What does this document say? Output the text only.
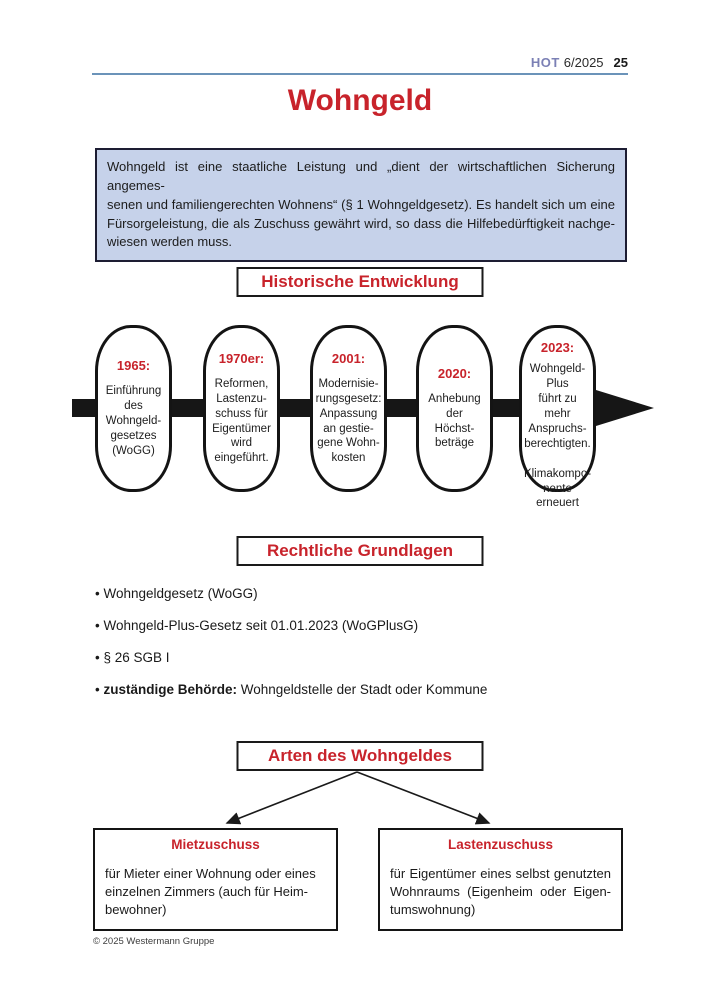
HOT 6/2025 25
Wohngeld
Wohngeld ist eine staatliche Leistung und „dient der wirtschaftlichen Sicherung angemes-
senen und familiengerechten Wohnens“ (§ 1 Wohngeldgesetz). Es handelt sich um eine
Fürsorgeleistung, die als Zuschuss gewährt wird, so dass die Hilfebedürftigkeit nachge-
wiesen werden muss.
Historische Entwicklung
1965:
Einführung
des
Wohngeld-
gesetzes
(WoGG)
1970er:
Reformen,
Lastenzu-
schuss für
Eigentümer
wird
eingeführt.
2001:
Modernisie-
rungsgesetz:
Anpassung
an gestie-
gene Wohn-
kosten
2020:
Anhebung
der
Höchst-
beträge
2023:
Wohngeld-
Plus
führt zu mehr
Anspruchs-
berechtigten.

Klimakompo-
nente
erneuert
Rechtliche Grundlagen
• Wohngeldgesetz (WoGG)
• Wohngeld-Plus-Gesetz seit 01.01.2023 (WoGPlusG)
• § 26 SGB I
• zuständige Behörde: Wohngeldstelle der Stadt oder Kommune
Arten des Wohngeldes
Mietzuschuss
für Mieter einer Wohnung oder eines
einzelnen Zimmers (auch für Heim-
bewohner)
Lastenzuschuss
für Eigentümer eines selbst genutzten
Wohnraums (Eigenheim oder Eigen-
tumswohnung)
© 2025 Westermann Gruppe
